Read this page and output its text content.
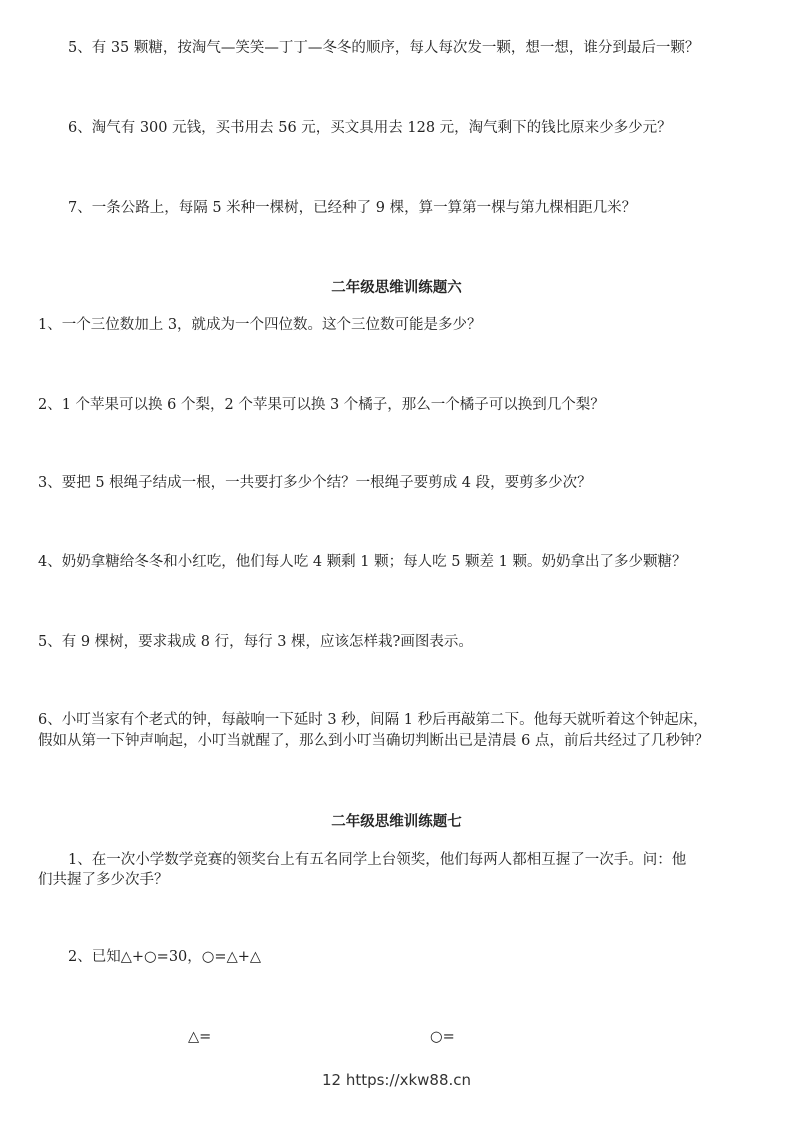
5、有 35 颗糖，按淘气—笑笑—丁丁—冬冬的顺序，每人每次发一颗，想一想，谁分到最后一颗？
6、淘气有 300 元钱，买书用去 56 元，买文具用去 128 元，淘气剩下的钱比原来少多少元？
7、一条公路上，每隔 5 米种一棵树，已经种了 9 棵，算一算第一棵与第九棵相距几米？
二年级思维训练题六
1、一个三位数加上 3，就成为一个四位数。这个三位数可能是多少？
2、1 个苹果可以换 6 个梨，2 个苹果可以换 3 个橘子，那么一个橘子可以换到几个梨？
3、要把 5 根绳子结成一根，一共要打多少个结？一根绳子要剪成 4 段，要剪多少次？
4、奶奶拿糖给冬冬和小红吃，他们每人吃 4 颗剩 1 颗；每人吃 5 颗差 1 颗。奶奶拿出了多少颗糖？
5、有 9 棵树，要求栽成 8 行，每行 3 棵，应该怎样栽?画图表示。
6、小叮当家有个老式的钟，每敲响一下延时 3 秒，间隔 1 秒后再敲第二下。他每天就听着这个钟起床，
假如从第一下钟声响起，小叮当就醒了，那么到小叮当确切判断出已是清晨 6 点，前后共经过了几秒钟？
二年级思维训练题七
1、在一次小学数学竞赛的领奖台上有五名同学上台领奖，他们每两人都相互握了一次手。问：他
们共握了多少次手？
2、已知△+○=30，○=△+△
△=	○=
12 https://xkw88.cn
